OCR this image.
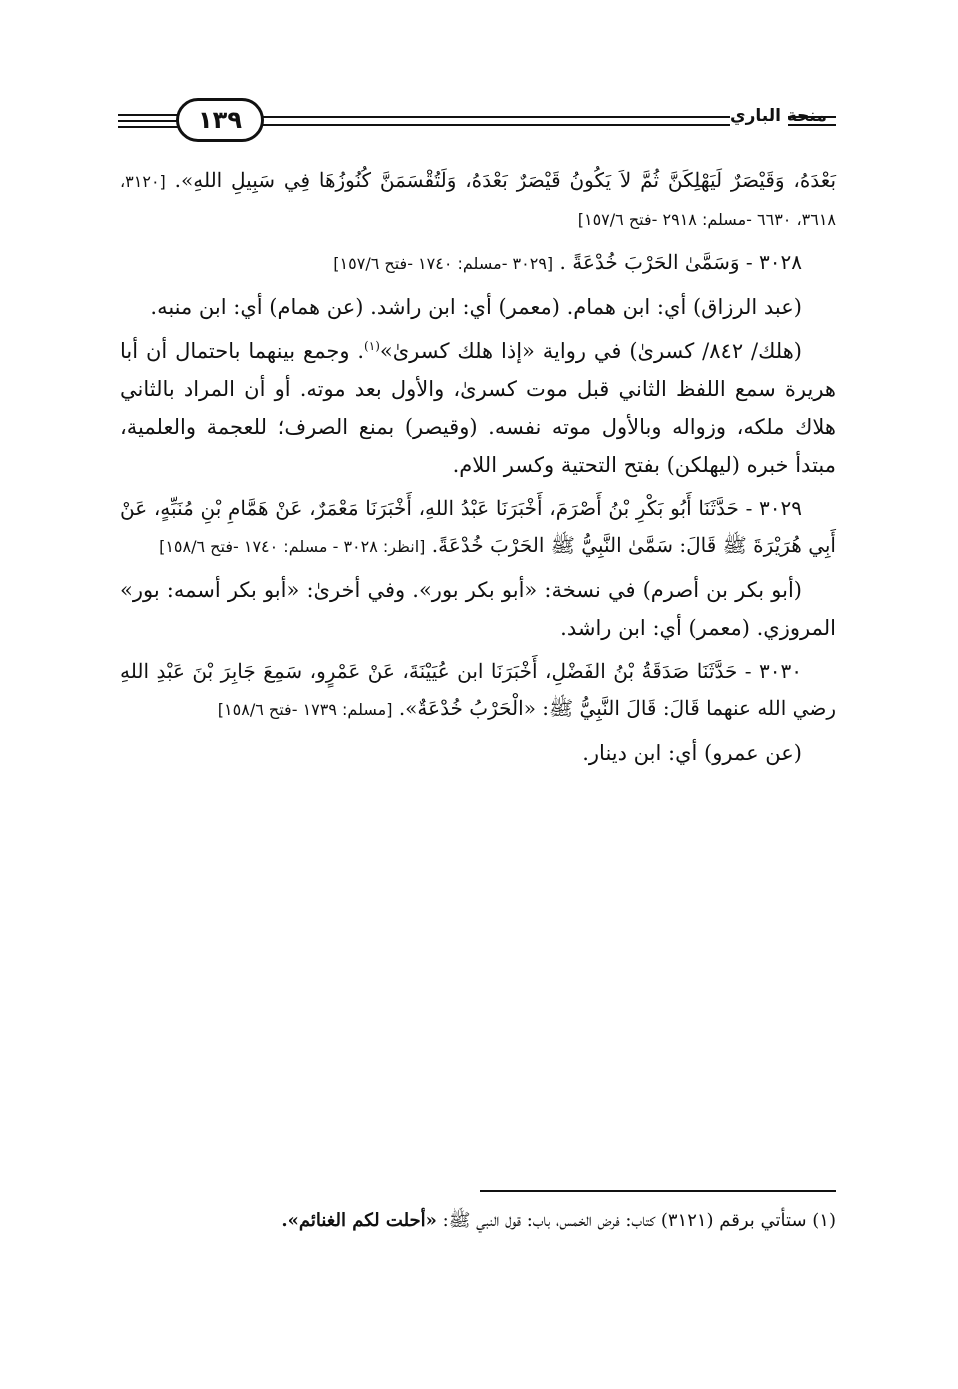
١٣٩	منحة الباري

بَعْدَهُ، وَقَيْصَرٌ لَيَهْلِكَنَّ ثُمَّ لاَ يَكُونُ قَيْصَرٌ بَعْدَهُ، وَلَتُقْسَمَنَّ كُنُوزُهَا فِي سَبِيلِ اللهِ». [٣١٢٠، ٣٦١٨، ٦٦٣٠ -مسلم: ٢٩١٨ -فتح ١٥٧/٦]

٣٠٢٨ - وَسَمَّىٰ الحَرْبَ خُدْعَةً . [٣٠٢٩ -مسلم: ١٧٤٠ -فتح ١٥٧/٦]

(عبد الرزاق) أي: ابن همام. (معمر) أي: ابن راشد. (عن همام) أي: ابن منبه.

(هلك/ ٨٤٢/ كسرىٰ) في رواية «إذا هلك كسرىٰ»$^{(١)}$. وجمع بينهما باحتمال أن أبا هريرة سمع اللفظ الثاني قبل موت كسرىٰ، والأول بعد موته. أو أن المراد بالثاني هلاك ملكه، وزواله وبالأول موته نفسه. (وقيصر) بمنع الصرف؛ للعجمة والعلمية، مبتدأ خبره (ليهلكن) بفتح التحتية وكسر اللام.

٣٠٢٩ - حَدَّثَنَا أَبُو بَكْرِ بْنُ أَصْرَمَ، أَخْبَرَنَا عَبْدُ اللهِ، أَخْبَرَنَا مَعْمَرٌ، عَنْ هَمَّامِ بْنِ مُنَبِّهٍ، عَنْ أَبِي هُرَيْرَةَ ﷺ قَالَ: سَمَّىٰ النَّبِيُّ ﷺ الحَرْبَ خُدْعَةً. [انظر: ٣٠٢٨ - مسلم: ١٧٤٠ -فتح ١٥٨/٦]

(أبو بكر بن أصرم) في نسخة: «أبو بكر بور». وفي أخرىٰ: «أبو بكر أسمه: بور» المروزي. (معمر) أي: ابن راشد.

٣٠٣٠ - حَدَّثَنَا صَدَقَةُ بْنُ الفَضْلِ، أَخْبَرَنَا ابن عُيَيْنَةَ، عَنْ عَمْرٍو، سَمِعَ جَابِرَ بْنَ عَبْدِ اللهِ رضي الله عنهما قَالَ: قَالَ النَّبِيُّ ﷺ: «الْحَرْبُ خُدْعَةٌ». [مسلم: ١٧٣٩ -فتح ١٥٨/٦]

(عن عمرو) أي: ابن دينار.

(١) ستأتي برقم (٣١٢١) كتاب: فرض الخمس، باب: قول النبي ﷺ: «أحلت لكم الغنائم».
